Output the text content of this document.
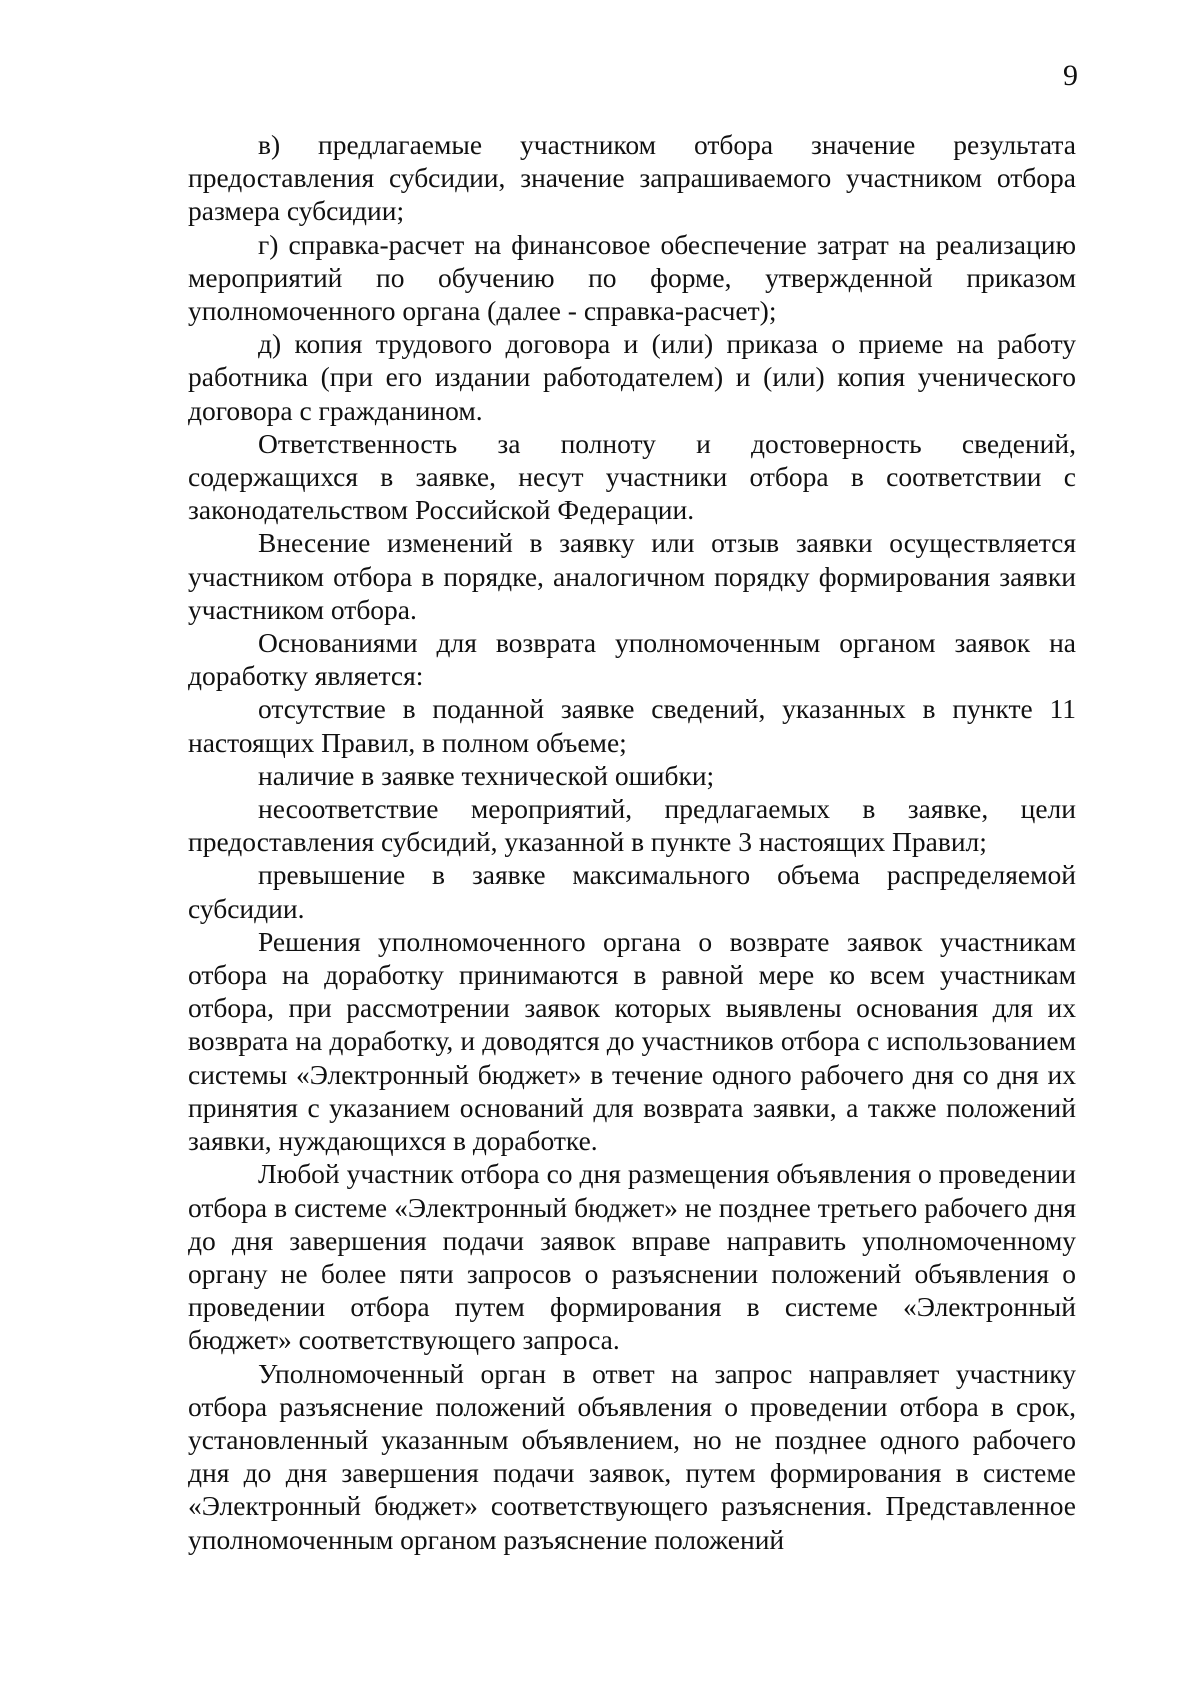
9

в) предлагаемые участником отбора значение результата предоставления субсидии, значение запрашиваемого участником отбора размера субсидии;

г) справка-расчет на финансовое обеспечение затрат на реализацию мероприятий по обучению по форме, утвержденной приказом уполномоченного органа (далее - справка-расчет);

д) копия трудового договора и (или) приказа о приеме на работу работника (при его издании работодателем) и (или) копия ученического договора с гражданином.

Ответственность за полноту и достоверность сведений, содержащихся в заявке, несут участники отбора в соответствии с законодательством Российской Федерации.

Внесение изменений в заявку или отзыв заявки осуществляется участником отбора в порядке, аналогичном порядку формирования заявки участником отбора.

Основаниями для возврата уполномоченным органом заявок на доработку является:

отсутствие в поданной заявке сведений, указанных в пункте 11 настоящих Правил, в полном объеме;

наличие в заявке технической ошибки;

несоответствие мероприятий, предлагаемых в заявке, цели предоставления субсидий, указанной в пункте 3 настоящих Правил;

превышение в заявке максимального объема распределяемой субсидии.

Решения уполномоченного органа о возврате заявок участникам отбора на доработку принимаются в равной мере ко всем участникам отбора, при рассмотрении заявок которых выявлены основания для их возврата на доработку, и доводятся до участников отбора с использованием системы «Электронный бюджет» в течение одного рабочего дня со дня их принятия с указанием оснований для возврата заявки, а также положений заявки, нуждающихся в доработке.

Любой участник отбора со дня размещения объявления о проведении отбора в системе «Электронный бюджет» не позднее третьего рабочего дня до дня завершения подачи заявок вправе направить уполномоченному органу не более пяти запросов о разъяснении положений объявления о проведении отбора путем формирования в системе «Электронный бюджет» соответствующего запроса.

Уполномоченный орган в ответ на запрос направляет участнику отбора разъяснение положений объявления о проведении отбора в срок, установленный указанным объявлением, но не позднее одного рабочего дня до дня завершения подачи заявок, путем формирования в системе «Электронный бюджет» соответствующего разъяснения. Представленное уполномоченным органом разъяснение положений
